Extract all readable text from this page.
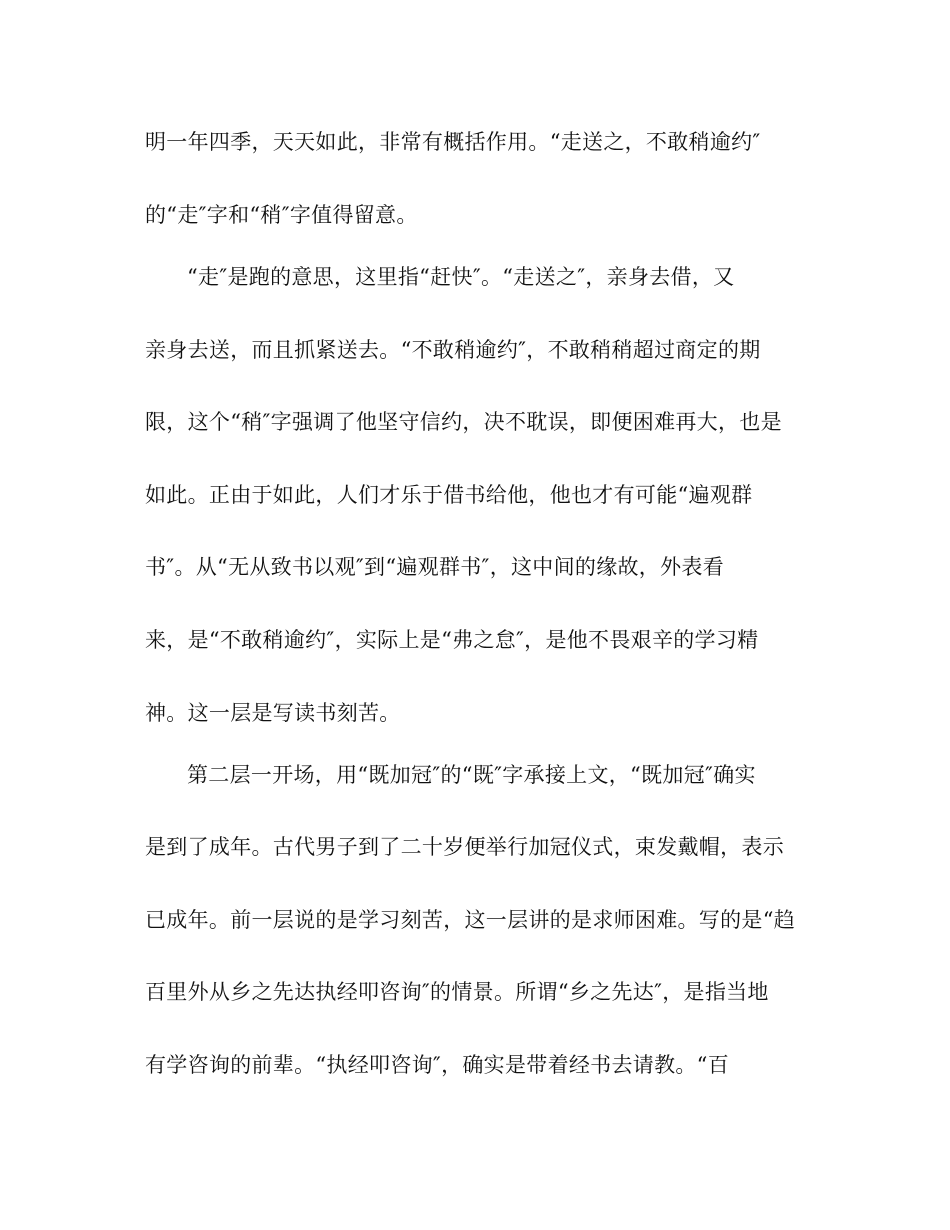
明一年四季，天天如此，非常有概括作用。“走送之，不敢稍逾约″
的“走″字和“稍″字值得留意。
“走″是跑的意思，这里指“赶快″。“走送之″，亲身去借，又
亲身去送，而且抓紧送去。“不敢稍逾约″，不敢稍稍超过商定的期
限，这个“稍″字强调了他坚守信约，决不耽误，即便困难再大，也是
如此。正由于如此，人们才乐于借书给他，他也才有可能“遍观群
书″。从“无从致书以观″到“遍观群书″，这中间的缘故，外表看
来，是“不敢稍逾约″，实际上是“弗之怠″，是他不畏艰辛的学习精
神。这一层是写读书刻苦。
第二层一开场，用“既加冠″的“既″字承接上文，“既加冠″确实
是到了成年。古代男子到了二十岁便举行加冠仪式，束发戴帽，表示
已成年。前一层说的是学习刻苦，这一层讲的是求师困难。写的是“趋
百里外从乡之先达执经叩咨询″的情景。所谓“乡之先达″，是指当地
有学咨询的前辈。“执经叩咨询″，确实是带着经书去请教。“百
